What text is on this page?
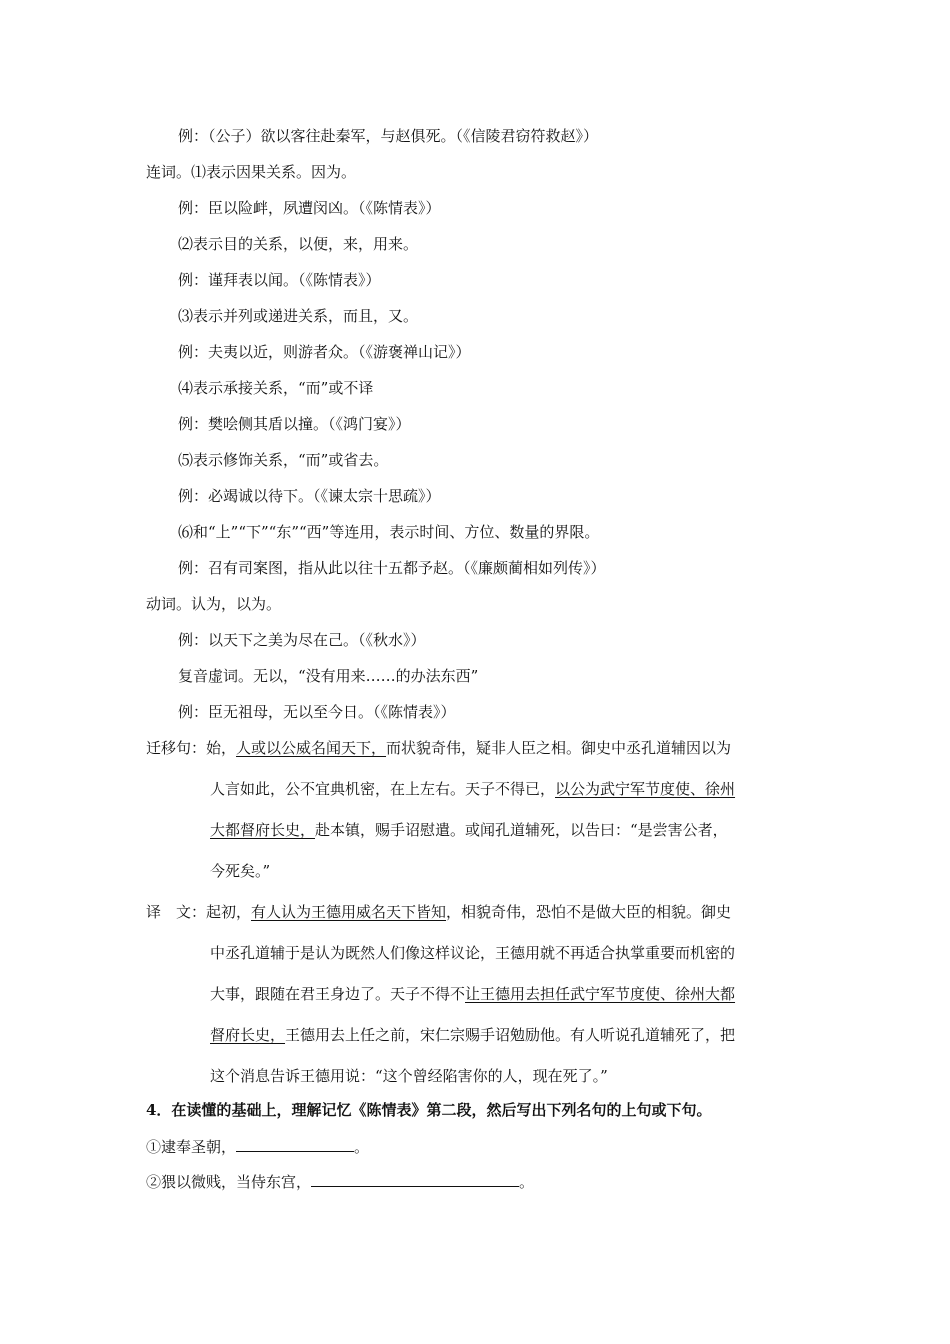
例：（公子）欲以客往赴秦军，与赵俱死。（《信陵君窃符救赵》）
连词。⑴表示因果关系。因为。
例：臣以险衅，夙遭闵凶。（《陈情表》）
⑵表示目的关系，以便，来，用来。
例：谨拜表以闻。（《陈情表》）
⑶表示并列或递进关系，而且，又。
例：夫夷以近，则游者众。（《游褒禅山记》）
⑷表示承接关系，“而”或不译
例：樊哙侧其盾以撞。（《鸿门宴》）
⑸表示修饰关系，“而”或省去。
例：必竭诚以待下。（《谏太宗十思疏》）
⑹和“上”“下”“东”“西”等连用，表示时间、方位、数量的界限。
例：召有司案图，指从此以往十五都予赵。（《廉颇蔺相如列传》）
动词。认为，以为。
例：以天下之美为尽在己。（《秋水》）
复音虚词。无以，“没有用来……的办法东西”
例：臣无祖母，无以至今日。（《陈情表》）
迁移句：始，人或以公威名闻天下，而状貌奇伟，疑非人臣之相。御史中丞孔道辅因以为
人言如此，公不宜典机密，在上左右。天子不得已，以公为武宁军节度使、徐州
大都督府长史，赴本镇，赐手诏慰遣。或闻孔道辅死，以告曰：“是尝害公者，
今死矣。”
译　文：起初，有人认为王德用威名天下皆知，相貌奇伟，恐怕不是做大臣的相貌。御史
中丞孔道辅于是认为既然人们像这样议论，王德用就不再适合执掌重要而机密的
大事，跟随在君王身边了。天子不得不让王德用去担任武宁军节度使、徐州大都
督府长史，王德用去上任之前，宋仁宗赐手诏勉励他。有人听说孔道辅死了，把
这个消息告诉王德用说：“这个曾经陷害你的人，现在死了。”
4．在读懂的基础上，理解记忆《陈情表》第二段，然后写出下列名句的上句或下句。
①逮奉圣朝，	。
②猥以微贱，当侍东宫，	。
